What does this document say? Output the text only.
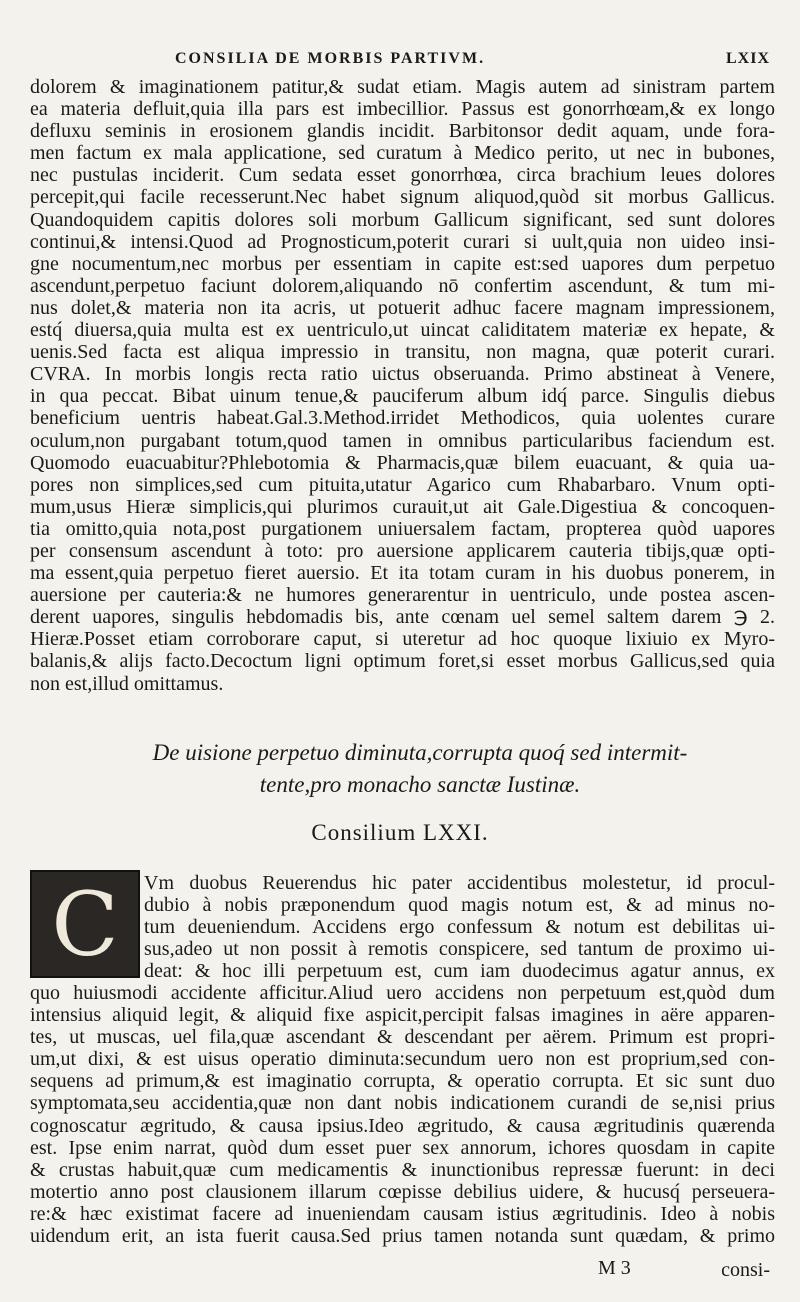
CONSILIA DE MORBIS PARTIVM.	LXIX
dolorem & imaginationem patitur,& sudat etiam. Magis autem ad sinistram partem
ea materia defluit,quia illa pars est imbecillior. Passus est gonorrhœam,& ex longo
defluxu seminis in erosionem glandis incidit. Barbitonsor dedit aquam, unde fora-
men factum ex mala applicatione, sed curatum à Medico perito, ut nec in bubones,
nec pustulas inciderit. Cum sedata esset gonorrhœa, circa brachium leues dolores
percepit,qui facile recesserunt.Nec habet signum aliquod,quòd sit morbus Gallicus.
Quandoquidem capitis dolores soli morbum Gallicum significant, sed sunt dolores
continui,& intensi.Quod ad Prognosticum,poterit curari si uult,quia non uideo insi-
gne nocumentum,nec morbus per essentiam in capite est:sed uapores dum perpetuo
ascendunt,perpetuo faciunt dolorem,aliquando nō confertim ascendunt, & tum mi-
nus dolet,& materia non ita acris, ut potuerit adhuc facere magnam impressionem,
estq́ diuersa,quia multa est ex uentriculo,ut uincat caliditatem materiæ ex hepate, &
uenis.Sed facta est aliqua impressio in transitu, non magna, quæ poterit curari.
CVRA. In morbis longis recta ratio uictus obseruanda. Primo abstineat à Venere,
in qua peccat. Bibat uinum tenue,& pauciferum album idq́ parce. Singulis diebus
beneficium uentris habeat.Gal.3.Method.irridet Methodicos, quia uolentes curare
oculum,non purgabant totum,quod tamen in omnibus particularibus faciendum est.
Quomodo euacuabitur?Phlebotomia & Pharmacis,quæ bilem euacuant, & quia ua-
pores non simplices,sed cum pituita,utatur Agarico cum Rhabarbaro. Vnum opti-
mum,usus Hieræ simplicis,qui plurimos curauit,ut ait Gale.Digestiua & concoquen-
tia omitto,quia nota,post purgationem uniuersalem factam, propterea quòd uapores
per consensum ascendunt à toto: pro auersione applicarem cauteria tibijs,quæ opti-
ma essent,quia perpetuo fieret auersio. Et ita totam curam in his duobus ponerem, in
auersione per cauteria:& ne humores generarentur in uentriculo, unde postea ascen-
derent uapores, singulis hebdomadis bis, ante cœnam uel semel saltem darem ℈ 2.
Hieræ.Posset etiam corroborare caput, si uteretur ad hoc quoque lixiuio ex Myro-
balanis,& alijs facto.Decoctum ligni optimum foret,si esset morbus Gallicus,sed quia
non est,illud omittamus.
De uisione perpetuo diminuta,corrupta quoq́ sed intermit-
tente,pro monacho sanctæ Iustinæ.
Consilium LXXI.
C Vm duobus Reuerendus hic pater accidentibus molestetur, id procul-
dubio à nobis præponendum quod magis notum est, & ad minus no-
tum deueniendum. Accidens ergo confessum & notum est debilitas ui-
sus,adeo ut non possit à remotis conspicere, sed tantum de proximo ui-
deat: & hoc illi perpetuum est, cum iam duodecimus agatur annus, ex
quo huiusmodi accidente afficitur.Aliud uero accidens non perpetuum est,quòd dum
intensius aliquid legit, & aliquid fixe aspicit,percipit falsas imagines in aëre apparen-
tes, ut muscas, uel fila,quæ ascendant & descendant per aërem. Primum est propri-
um,ut dixi, & est uisus operatio diminuta:secundum uero non est proprium,sed con-
sequens ad primum,& est imaginatio corrupta, & operatio corrupta. Et sic sunt duo
symptomata,seu accidentia,quæ non dant nobis indicationem curandi de se,nisi prius
cognoscatur ægritudo, & causa ipsius.Ideo ægritudo, & causa ægritudinis quærenda
est. Ipse enim narrat, quòd dum esset puer sex annorum, ichores quosdam in capite
& crustas habuit,quæ cum medicamentis & inunctionibus repressæ fuerunt: in deci
motertio anno post clausionem illarum cœpisse debilius uidere, & hucusq́ perseuera-
re:& hæc existimat facere ad inueniendam causam istius ægritudinis. Ideo à nobis
uidendum erit, an ista fuerit causa.Sed prius tamen notanda sunt quædam, & primo
M 3	consi-
